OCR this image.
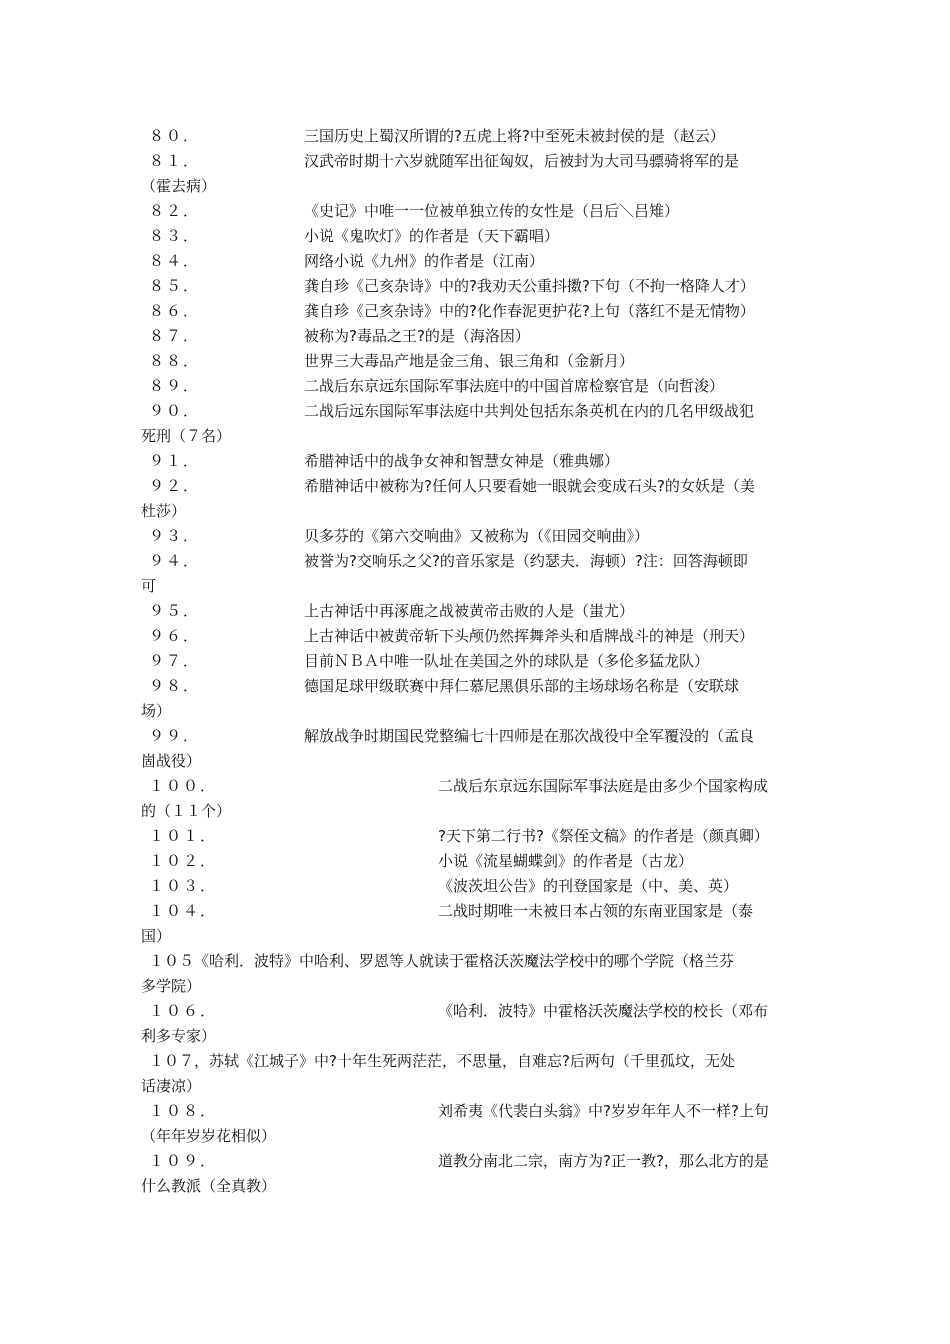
８０．	三国历史上蜀汉所谓的?五虎上将?中至死未被封侯的是（赵云）
８１．	汉武帝时期十六岁就随军出征匈奴，后被封为大司马骠骑将军的是
（霍去病）
８２．	《史记》中唯一一位被单独立传的女性是（吕后＼吕雉）
８３．	小说《鬼吹灯》的作者是（天下霸唱）
８４．	网络小说《九州》的作者是（江南）
８５．	龚自珍《己亥杂诗》中的?我劝天公重抖擞?下句（不拘一格降人才）
８６．	龚自珍《己亥杂诗》中的?化作春泥更护花?上句（落红不是无情物）
８７．	被称为?毒品之王?的是（海洛因）
８８．	世界三大毒品产地是金三角、银三角和（金新月）
８９．	二战后东京远东国际军事法庭中的中国首席检察官是（向哲浚）
９０．	二战后远东国际军事法庭中共判处包括东条英机在内的几名甲级战犯
死刑（７名）
９１．	希腊神话中的战争女神和智慧女神是（雅典娜）
９２．	希腊神话中被称为?任何人只要看她一眼就会变成石头?的女妖是（美
杜莎）
９３．	贝多芬的《第六交响曲》又被称为（《田园交响曲》）
９４．	被誉为?交响乐之父?的音乐家是（约瑟夫．海顿）?注：回答海顿即
可
９５．	上古神话中再涿鹿之战被黄帝击败的人是（蚩尤）
９６．	上古神话中被黄帝斩下头颅仍然挥舞斧头和盾牌战斗的神是（刑天）
９７．	目前ＮＢＡ中唯一队址在美国之外的球队是（多伦多猛龙队）
９８．	德国足球甲级联赛中拜仁慕尼黑俱乐部的主场球场名称是（安联球
场）
９９．	解放战争时期国民党整编七十四师是在那次战役中全军覆没的（孟良
崮战役）
１００．	二战后东京远东国际军事法庭是由多少个国家构成
的（１１个）
１０１．	?天下第二行书?《祭侄文稿》的作者是（颜真卿）
１０２．	小说《流星蝴蝶剑》的作者是（古龙）
１０３．	《波茨坦公告》的刊登国家是（中、美、英）
１０４．	二战时期唯一未被日本占领的东南亚国家是（泰
国）
１０５《哈利．波特》中哈利、罗恩等人就读于霍格沃茨魔法学校中的哪个学院（格兰芬
多学院）
１０６．	《哈利．波特》中霍格沃茨魔法学校的校长（邓布
利多专家）
１０７，苏轼《江城子》中?十年生死两茫茫，不思量，自难忘?后两句（千里孤坟，无处
话凄凉）
１０８．	刘希夷《代裴白头翁》中?岁岁年年人不一样?上句
（年年岁岁花相似）
１０９．	道教分南北二宗，南方为?正一教?，那么北方的是
什么教派（全真教）
